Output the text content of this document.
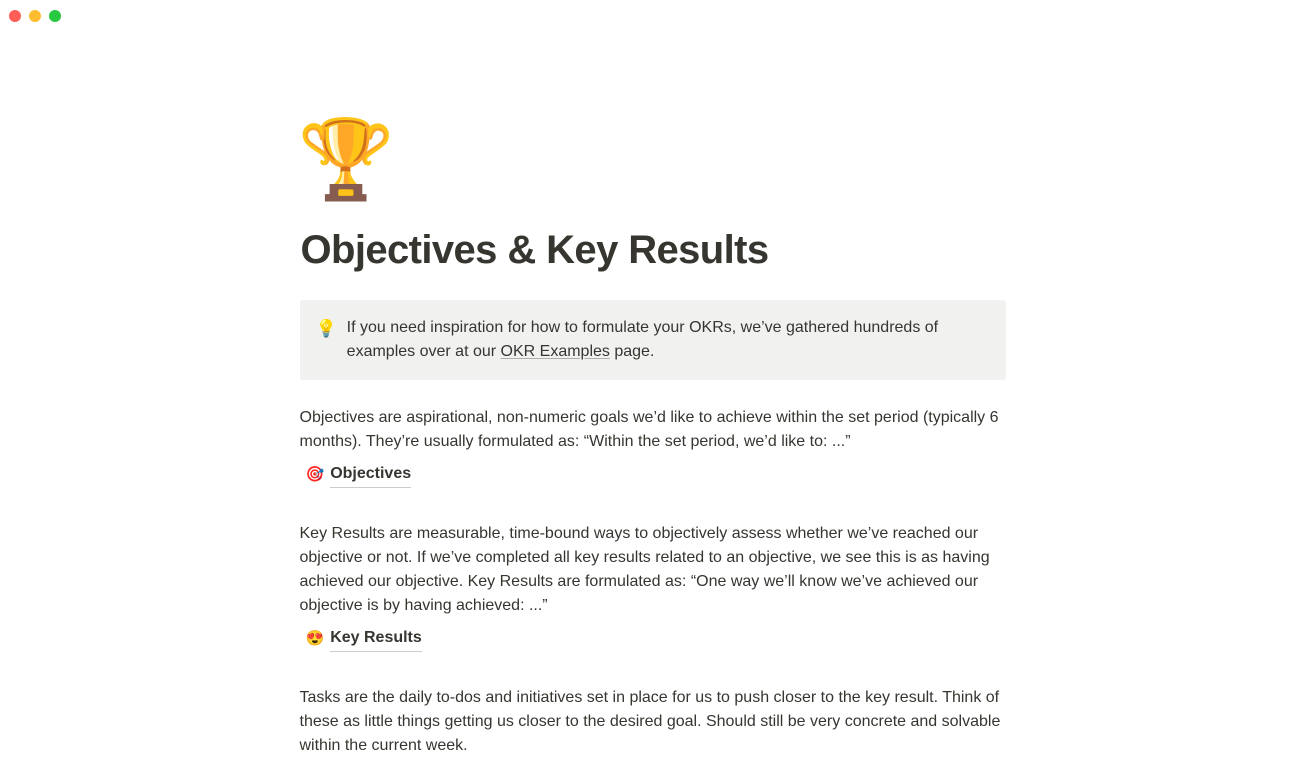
🏆
Objectives & Key Results
💡 If you need inspiration for how to formulate your OKRs, we’ve gathered hundreds of examples over at our OKR Examples page.

Objectives are aspirational, non-numeric goals we’d like to achieve within the set period (typically 6 months). They’re usually formulated as: “Within the set period, we’d like to: ...”

🎯 Objectives

Key Results are measurable, time-bound ways to objectively assess whether we’ve reached our objective or not. If we’ve completed all key results related to an objective, we see this is as having achieved our objective. Key Results are formulated as: “One way we’ll know we’ve achieved our objective is by having achieved: ...”

😍 Key Results

Tasks are the daily to-dos and initiatives set in place for us to push closer to the key result. Think of these as little things getting us closer to the desired goal. Should still be very concrete and solvable within the current week.
